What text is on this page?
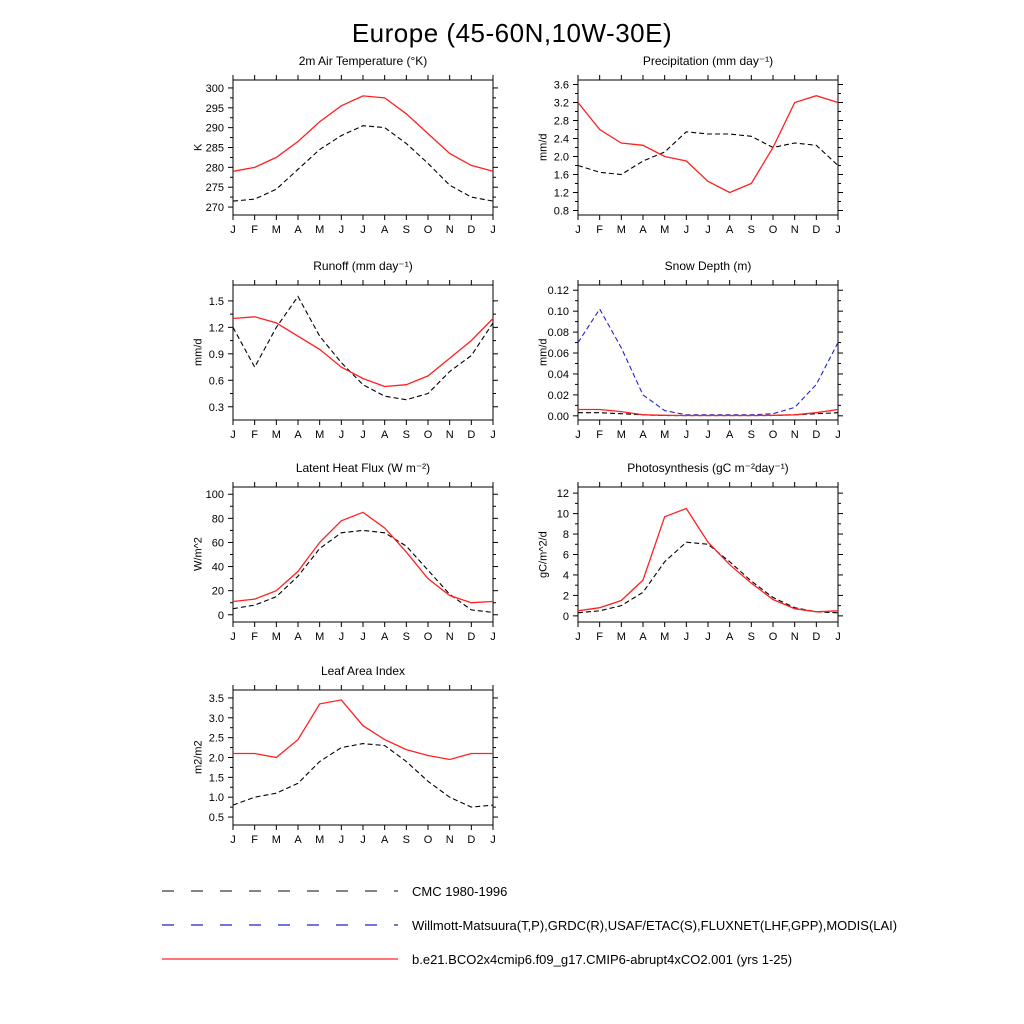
Europe (45-60N,10W-30E)
2m Air Temperature (°K)
K
270
275
280
285
290
295
300
J F M A M J J A S O N D J
Precipitation (mm day⁻¹)
mm/d
0.8
1.2
1.6
2.0
2.4
2.8
3.2
3.6
J F M A M J J A S O N D J
Runoff (mm day⁻¹)
mm/d
0.3
0.6
0.9
1.2
1.5
J F M A M J J A S O N D J
Snow Depth (m)
mm/d
0.00
0.02
0.04
0.06
0.08
0.10
0.12
J F M A M J J A S O N D J
Latent Heat Flux (W m⁻²)
W/m^2
0
20
40
60
80
100
J F M A M J J A S O N D J
Photosynthesis (gC m⁻²day⁻¹)
gC/m^2/d
0
2
4
6
8
10
12
J F M A M J J A S O N D J
Leaf Area Index
m2/m2
0.5
1.0
1.5
2.0
2.5
3.0
3.5
J F M A M J J A S O N D J
CMC 1980-1996
Willmott-Matsuura(T,P),GRDC(R),USAF/ETAC(S),FLUXNET(LHF,GPP),MODIS(LAI)
b.e21.BCO2x4cmip6.f09_g17.CMIP6-abrupt4xCO2.001 (yrs 1-25)
